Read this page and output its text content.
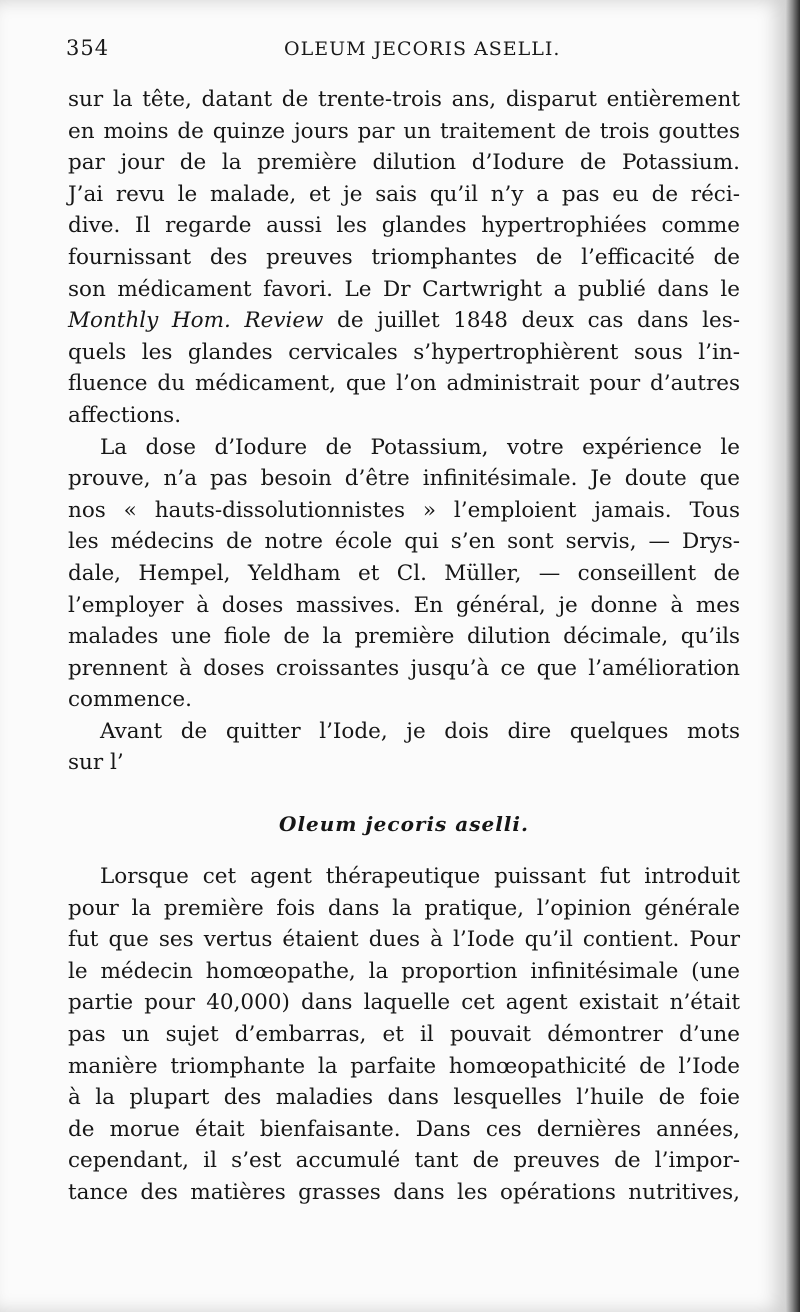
354	OLEUM JECORIS ASELLI.
sur la tête, datant de trente-trois ans, disparut entièrement
en moins de quinze jours par un traitement de trois gouttes
par jour de la première dilution d’Iodure de Potassium.
J’ai revu le malade, et je sais qu’il n’y a pas eu de réci-
dive. Il regarde aussi les glandes hypertrophiées comme
fournissant des preuves triomphantes de l’efficacité de
son médicament favori. Le Dr Cartwright a publié dans le
Monthly Hom. Review de juillet 1848 deux cas dans les-
quels les glandes cervicales s’hypertrophièrent sous l’in-
fluence du médicament, que l’on administrait pour d’autres
affections.
La dose d’Iodure de Potassium, votre expérience le
prouve, n’a pas besoin d’être infinitésimale. Je doute que
nos « hauts-dissolutionnistes » l’emploient jamais. Tous
les médecins de notre école qui s’en sont servis, — Drys-
dale, Hempel, Yeldham et Cl. Müller, — conseillent de
l’employer à doses massives. En général, je donne à mes
malades une fiole de la première dilution décimale, qu’ils
prennent à doses croissantes jusqu’à ce que l’amélioration
commence.
Avant de quitter l’Iode, je dois dire quelques mots
sur l’
Oleum jecoris aselli.
Lorsque cet agent thérapeutique puissant fut introduit
pour la première fois dans la pratique, l’opinion générale
fut que ses vertus étaient dues à l’Iode qu’il contient. Pour
le médecin homœopathe, la proportion infinitésimale (une
partie pour 40,000) dans laquelle cet agent existait n’était
pas un sujet d’embarras, et il pouvait démontrer d’une
manière triomphante la parfaite homœopathicité de l’Iode
à la plupart des maladies dans lesquelles l’huile de foie
de morue était bienfaisante. Dans ces dernières années,
cependant, il s’est accumulé tant de preuves de l’impor-
tance des matières grasses dans les opérations nutritives,
